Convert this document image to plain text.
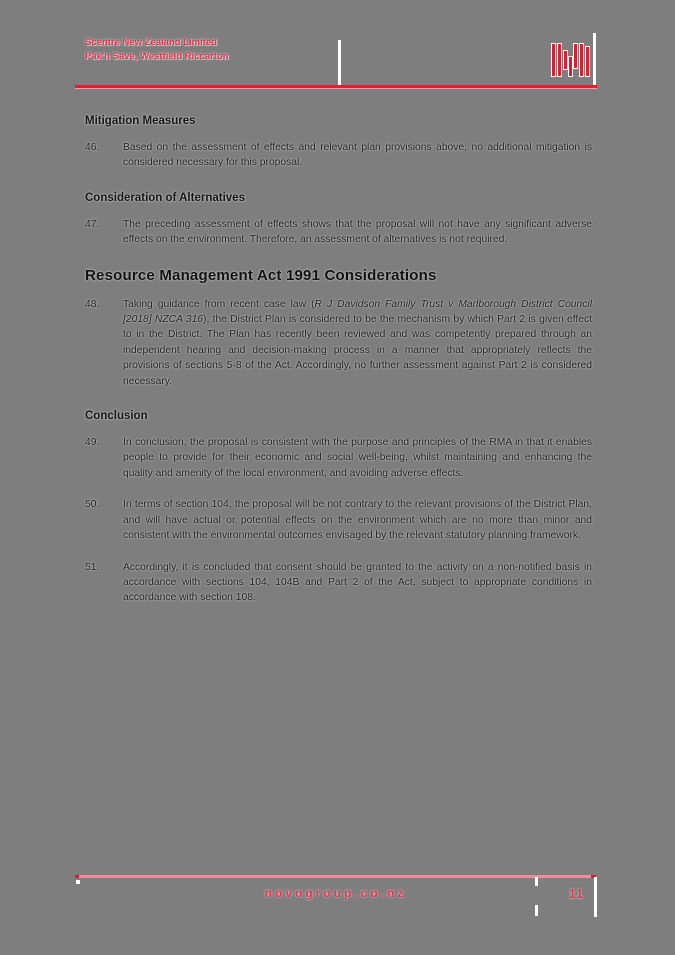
Scentre New Zealand Limited
Pak'n Save, Westfield Riccarton
Mitigation Measures
46.	Based on the assessment of effects and relevant plan provisions above, no additional mitigation is considered necessary for this proposal.
Consideration of Alternatives
47.	The preceding assessment of effects shows that the proposal will not have any significant adverse effects on the environment. Therefore, an assessment of alternatives is not required.
Resource Management Act 1991 Considerations
48.	Taking guidance from recent case law (R J Davidson Family Trust v Marlborough District Council [2018] NZCA 316), the District Plan is considered to be the mechanism by which Part 2 is given effect to in the District. The Plan has recently been reviewed and was competently prepared through an independent hearing and decision-making process in a manner that appropriately reflects the provisions of sections 5-8 of the Act. Accordingly, no further assessment against Part 2 is considered necessary.
Conclusion
49.	In conclusion, the proposal is consistent with the purpose and principles of the RMA in that it enables people to provide for their economic and social well-being, whilst maintaining and enhancing the quality and amenity of the local environment, and avoiding adverse effects.
50.	In terms of section 104, the proposal will be not contrary to the relevant provisions of the District Plan, and will have actual or potential effects on the environment which are no more than minor and consistent with the environmental outcomes envisaged by the relevant statutory planning framework.
51.	Accordingly, it is concluded that consent should be granted to the activity on a non-notified basis in accordance with sections 104, 104B and Part 2 of the Act, subject to appropriate conditions in accordance with section 108.
novogroup.co.nz	11
